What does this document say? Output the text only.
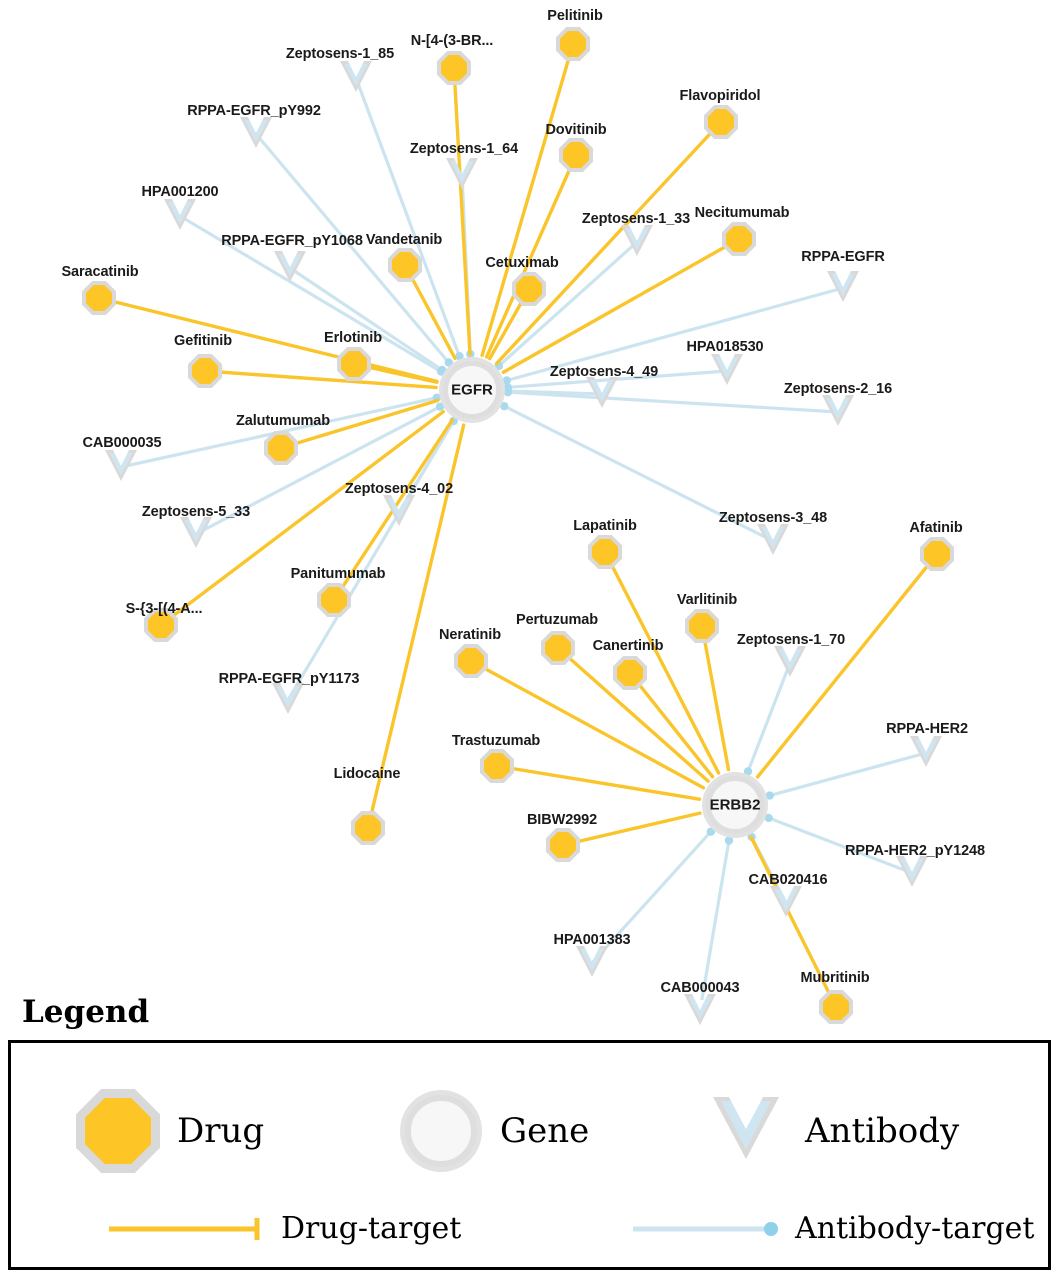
EGFR
ERBB2
Zeptosens-1_85
Zeptosens-1_64
RPPA-EGFR_pY992
HPA001200
Zeptosens-1_33
RPPA-EGFR
RPPA-EGFR_pY1068
HPA018530
Zeptosens-4_49
Zeptosens-2_16
CAB000035
Zeptosens-4_02
Zeptosens-5_33	Zeptosens-3_48
Zeptosens-1_70
RPPA-EGFR_pY1173
RPPA-HER2
RPPA-HER2_pY1248
CAB020416
HPA001383
CAB000043
Pelitinib
N-[4-(3-BR...
Flavopiridol
Dovitinib
Necitumumab
Vandetanib
Cetuximab
Saracatinib
Erlotinib
Gefitinib
Zalutumumab
Lapatinib	Afatinib
Panitumumab
S-{3-[(4-A...
Varlitinib
Pertuzumab
Neratinib
Canertinib
Trastuzumab
Lidocaine
BIBW2992
Mubritinib
Legend
Drug	Gene	Antibody
Drug-target	Antibody-target
